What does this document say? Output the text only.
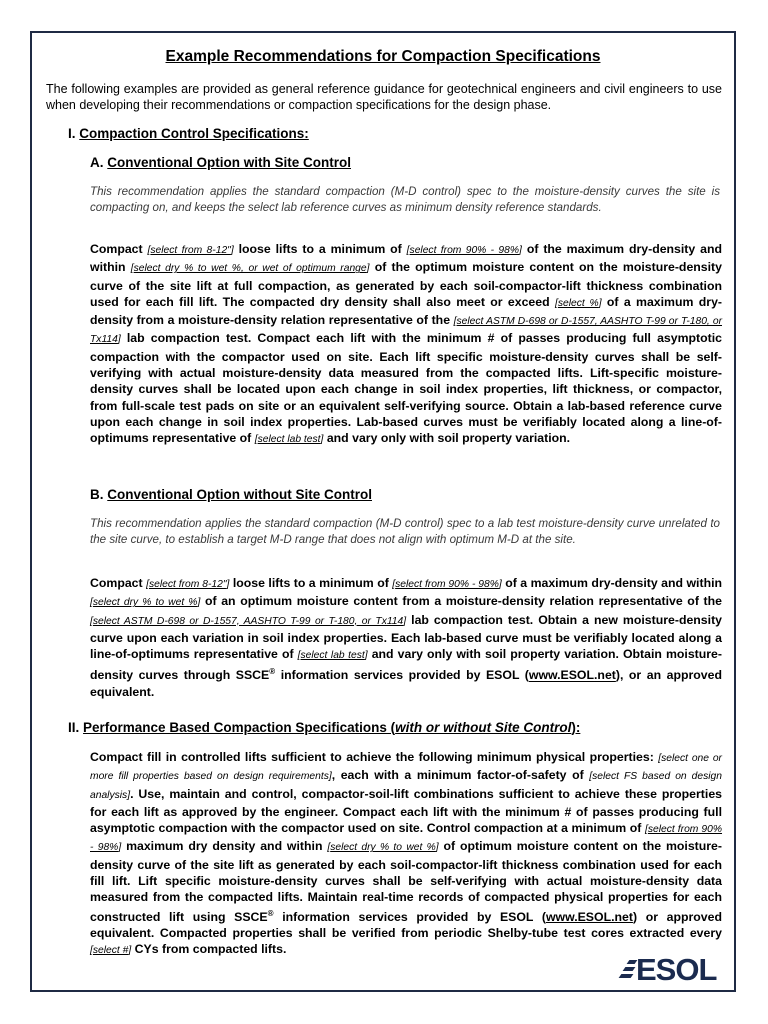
Example Recommendations for Compaction Specifications
The following examples are provided as general reference guidance for geotechnical engineers and civil engineers to use when developing their recommendations or compaction specifications for the design phase.
I. Compaction Control Specifications:
A. Conventional Option with Site Control
This recommendation applies the standard compaction (M-D control) spec to the moisture-density curves the site is compacting on, and keeps the select lab reference curves as minimum density reference standards.
Compact [select from 8-12"] loose lifts to a minimum of [select from 90% - 98%] of the maximum dry-density and within [select dry % to wet %, or wet of optimum range] of the optimum moisture content on the moisture-density curve of the site lift at full compaction, as generated by each soil-compactor-lift thickness combination used for each fill lift. The compacted dry density shall also meet or exceed [select %] of a maximum dry-density from a moisture-density relation representative of the [select ASTM D-698 or D-1557, AASHTO T-99 or T-180, or Tx114] lab compaction test. Compact each lift with the minimum # of passes producing full asymptotic compaction with the compactor used on site. Each lift specific moisture-density curves shall be self-verifying with actual moisture-density data measured from the compacted lifts. Lift-specific moisture-density curves shall be located upon each change in soil index properties, lift thickness, or compactor, from full-scale test pads on site or an equivalent self-verifying source. Obtain a lab-based reference curve upon each change in soil index properties. Lab-based curves must be verifiably located along a line-of-optimums representative of [select lab test] and vary only with soil property variation.
B. Conventional Option without Site Control
This recommendation applies the standard compaction (M-D control) spec to a lab test moisture-density curve unrelated to the site curve, to establish a target M-D range that does not align with optimum M-D at the site.
Compact [select from 8-12"] loose lifts to a minimum of [select from 90% - 98%] of a maximum dry-density and within [select dry % to wet %] of an optimum moisture content from a moisture-density relation representative of the [select ASTM D-698 or D-1557, AASHTO T-99 or T-180, or Tx114] lab compaction test. Obtain a new moisture-density curve upon each variation in soil index properties. Each lab-based curve must be verifiably located along a line-of-optimums representative of [select lab test] and vary only with soil property variation. Obtain moisture-density curves through SSCE® information services provided by ESOL (www.ESOL.net), or an approved equivalent.
II. Performance Based Compaction Specifications (with or without Site Control):
Compact fill in controlled lifts sufficient to achieve the following minimum physical properties: [select one or more fill properties based on design requirements], each with a minimum factor-of-safety of [select FS based on design analysis]. Use, maintain and control, compactor-soil-lift combinations sufficient to achieve these properties for each lift as approved by the engineer. Compact each lift with the minimum # of passes producing full asymptotic compaction with the compactor used on site. Control compaction at a minimum of [select from 90% - 98%] maximum dry density and within [select dry % to wet %] of optimum moisture content on the moisture-density curve of the site lift as generated by each soil-compactor-lift thickness combination used for each fill lift. Lift specific moisture-density curves shall be self-verifying with actual moisture-density data measured from the compacted lifts. Maintain real-time records of compacted physical properties for each constructed lift using SSCE® information services provided by ESOL (www.ESOL.net) or approved equivalent. Compacted properties shall be verified from periodic Shelby-tube test cores extracted every [select #] CYs from compacted lifts.
ESOL
